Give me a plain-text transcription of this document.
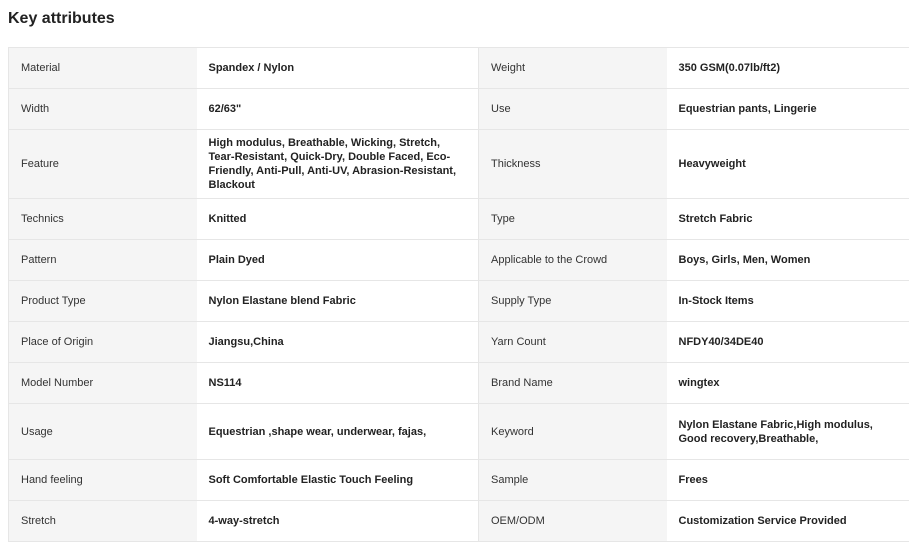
Key attributes
Material	Spandex / Nylon	Weight	350 GSM(0.07lb/ft2)
Width	62/63"	Use	Equestrian pants, Lingerie
Feature	High modulus, Breathable, Wicking, Stretch, Tear-Resistant, Quick-Dry, Double Faced, Eco-Friendly, Anti-Pull, Anti-UV, Abrasion-Resistant, Blackout	Thickness	Heavyweight
Technics	Knitted	Type	Stretch Fabric
Pattern	Plain Dyed	Applicable to the Crowd	Boys, Girls, Men, Women
Product Type	Nylon Elastane blend Fabric	Supply Type	In-Stock Items
Place of Origin	Jiangsu,China	Yarn Count	NFDY40/34DE40
Model Number	NS114	Brand Name	wingtex
Usage	Equestrian ,shape wear, underwear, fajas,	Keyword	Nylon Elastane Fabric,High modulus, Good recovery,Breathable,
Hand feeling	Soft Comfortable Elastic Touch Feeling	Sample	Frees
Stretch	4-way-stretch	OEM/ODM	Customization Service Provided
